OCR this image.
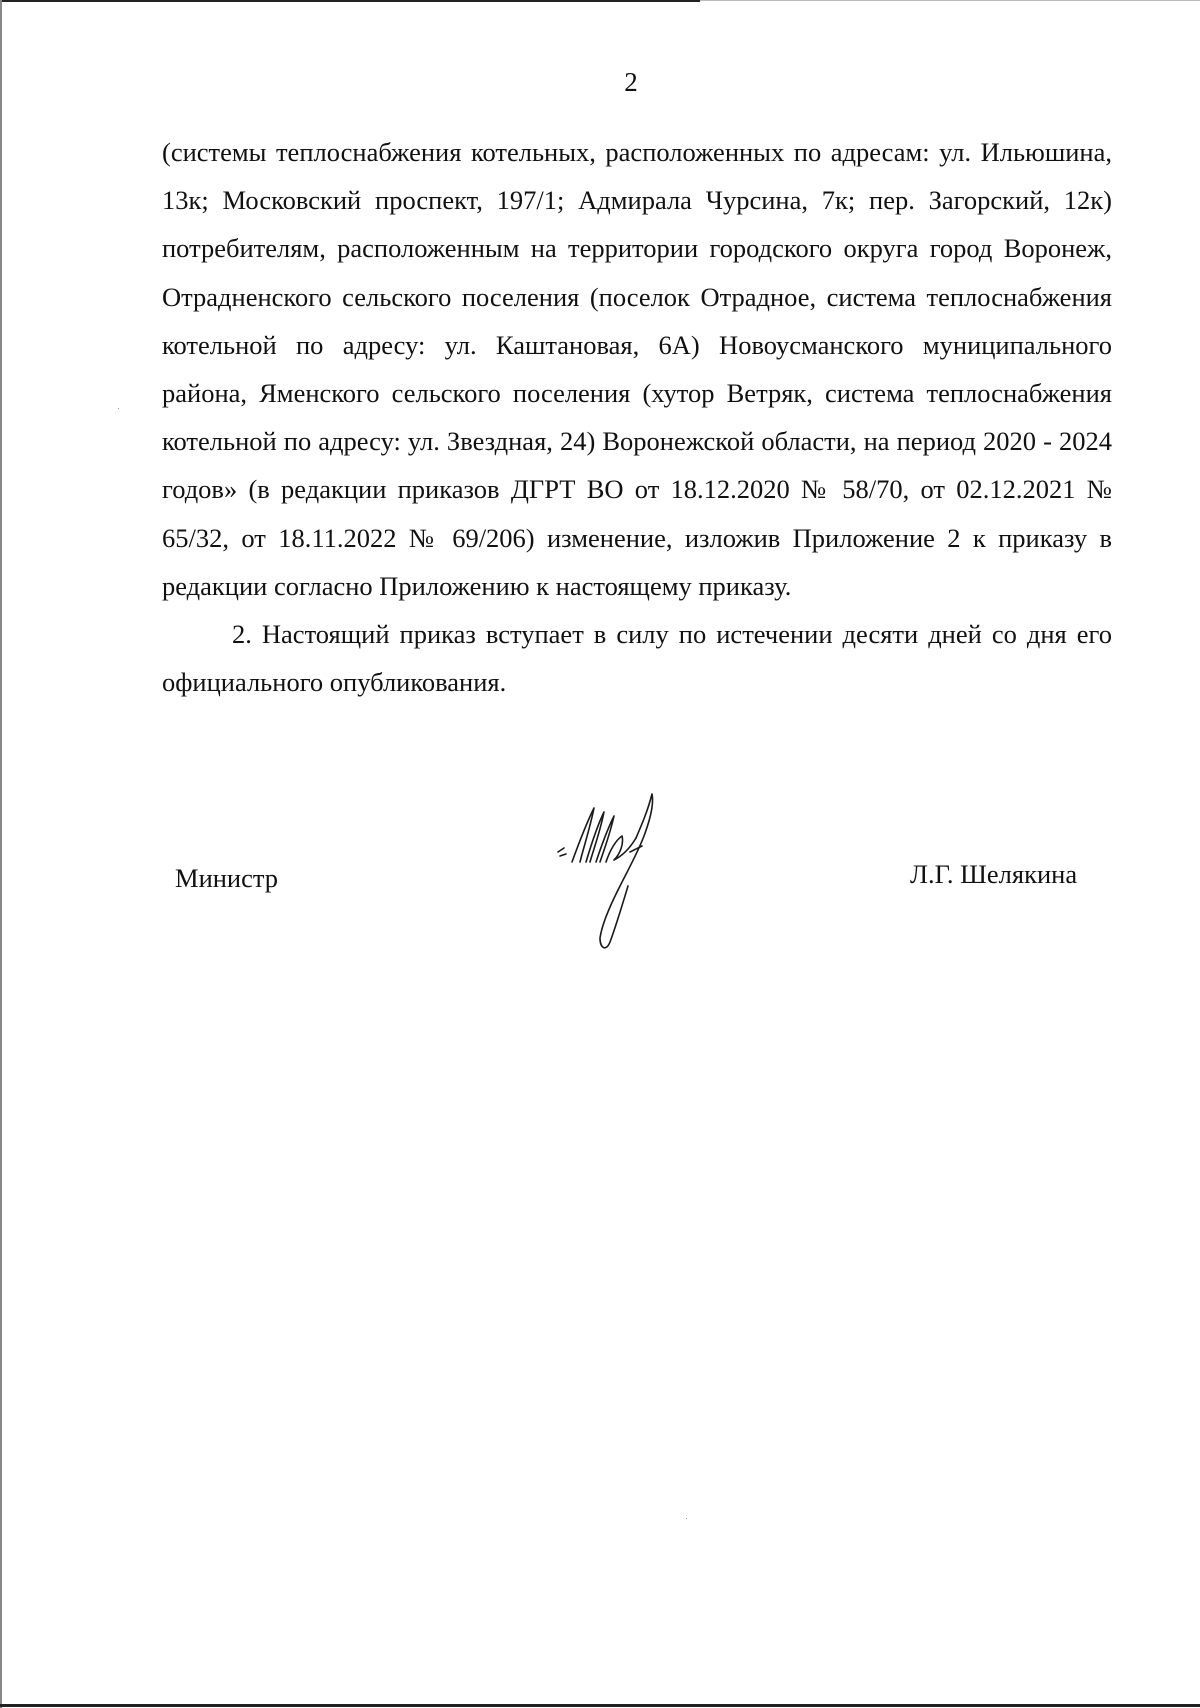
2

(системы теплоснабжения котельных, расположенных по адресам: ул. Ильюшина, 13к; Московский проспект, 197/1; Адмирала Чурсина, 7к; пер. Загорский, 12к) потребителям, расположенным на территории городского округа город Воронеж, Отрадненского сельского поселения (поселок Отрадное, система теплоснабжения котельной по адресу: ул. Каштановая, 6А) Новоусманского муниципального района, Яменского сельского поселения (хутор Ветряк, система теплоснабжения котельной по адресу: ул. Звездная, 24) Воронежской области, на период 2020 - 2024 годов» (в редакции приказов ДГРТ ВО от 18.12.2020 № 58/70, от 02.12.2021 № 65/32, от 18.11.2022 № 69/206) изменение, изложив Приложение 2 к приказу в редакции согласно Приложению к настоящему приказу.

2. Настоящий приказ вступает в силу по истечении десяти дней со дня его официального опубликования.

Министр	Л.Г. Шелякина
